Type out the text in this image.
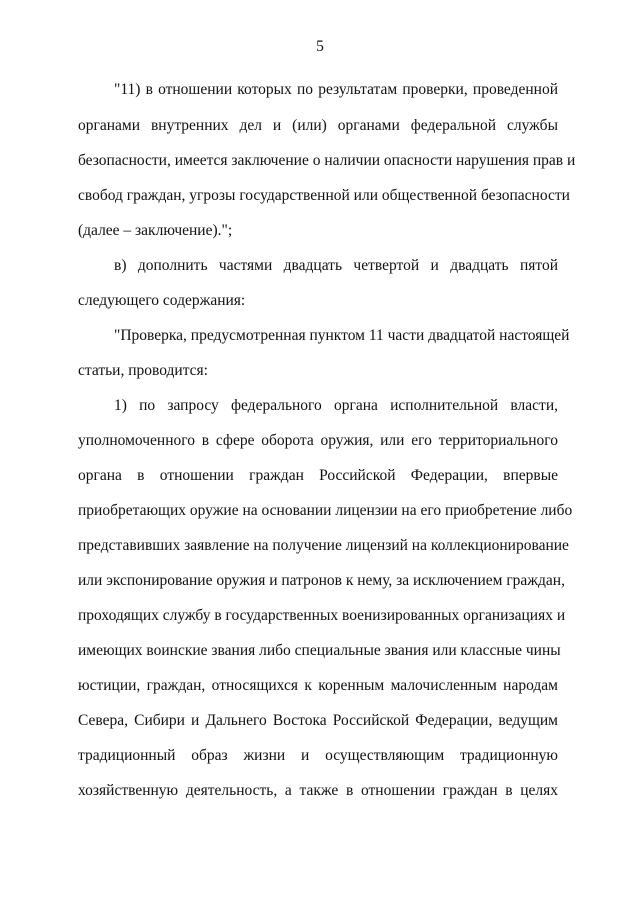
5
"11) в отношении которых по результатам проверки, проведенной
органами внутренних дел и (или) органами федеральной службы
безопасности, имеется заключение о наличии опасности нарушения прав и
свобод граждан, угрозы государственной или общественной безопасности
(далее – заключение).";
в) дополнить частями двадцать четвертой и двадцать пятой
следующего содержания:
"Проверка, предусмотренная пунктом 11 части двадцатой настоящей
статьи, проводится:
1) по запросу федерального органа исполнительной власти,
уполномоченного в сфере оборота оружия, или его территориального
органа в отношении граждан Российской Федерации, впервые
приобретающих оружие на основании лицензии на его приобретение либо
представивших заявление на получение лицензий на коллекционирование
или экспонирование оружия и патронов к нему, за исключением граждан,
проходящих службу в государственных военизированных организациях и
имеющих воинские звания либо специальные звания или классные чины
юстиции, граждан, относящихся к коренным малочисленным народам
Севера, Сибири и Дальнего Востока Российской Федерации, ведущим
традиционный образ жизни и осуществляющим традиционную
хозяйственную деятельность, а также в отношении граждан в целях
